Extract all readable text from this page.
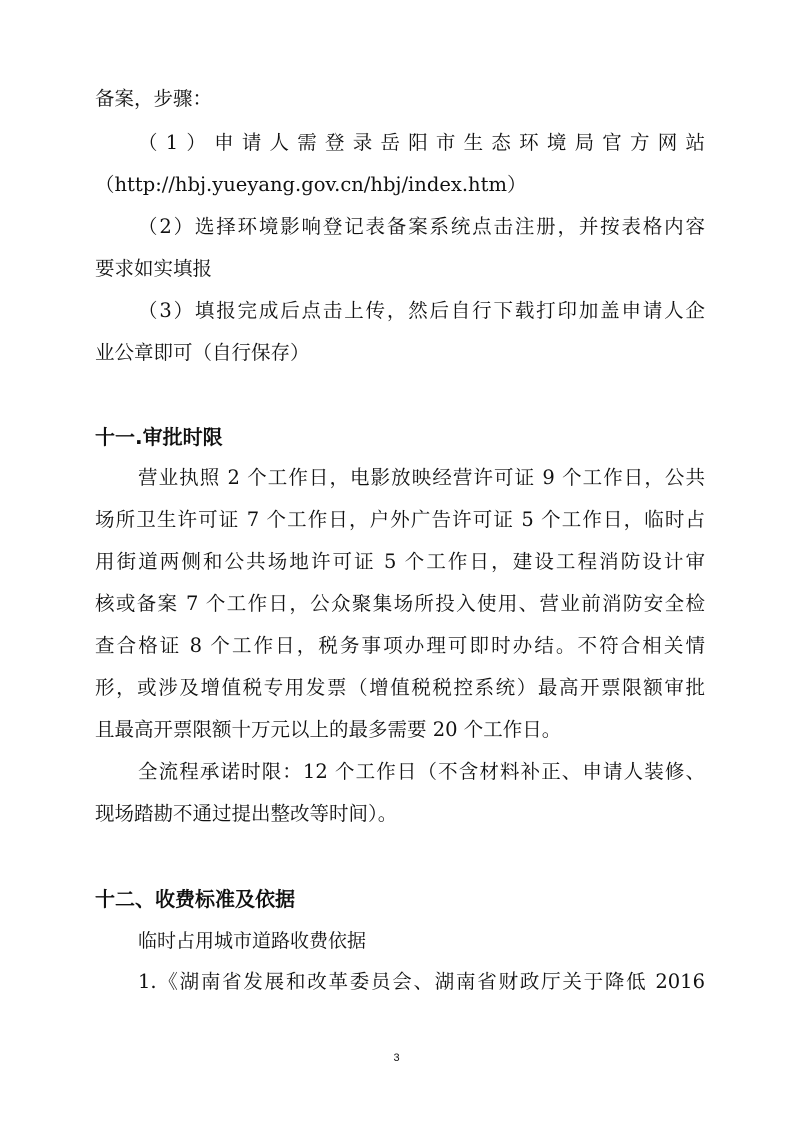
备案，步骤：
（1）申请人需登录岳阳市生态环境局官方网站
（http://hbj.yueyang.gov.cn/hbj/index.htm）
（2）选择环境影响登记表备案系统点击注册，并按表格内容
要求如实填报
（3）填报完成后点击上传，然后自行下载打印加盖申请人企
业公章即可（自行保存）
十一.审批时限
营业执照 2 个工作日，电影放映经营许可证 9 个工作日，公共
场所卫生许可证 7 个工作日，户外广告许可证 5 个工作日，临时占
用街道两侧和公共场地许可证 5 个工作日，建设工程消防设计审
核或备案 7 个工作日，公众聚集场所投入使用、营业前消防安全检
查合格证 8 个工作日，税务事项办理可即时办结。不符合相关情
形，或涉及增值税专用发票（增值税税控系统）最高开票限额审批
且最高开票限额十万元以上的最多需要 20 个工作日。
全流程承诺时限：12 个工作日（不含材料补正、申请人装修、
现场踏勘不通过提出整改等时间）。
十二、收费标准及依据
临时占用城市道路收费依据
1.《湖南省发展和改革委员会、湖南省财政厅关于降低 2016
3
